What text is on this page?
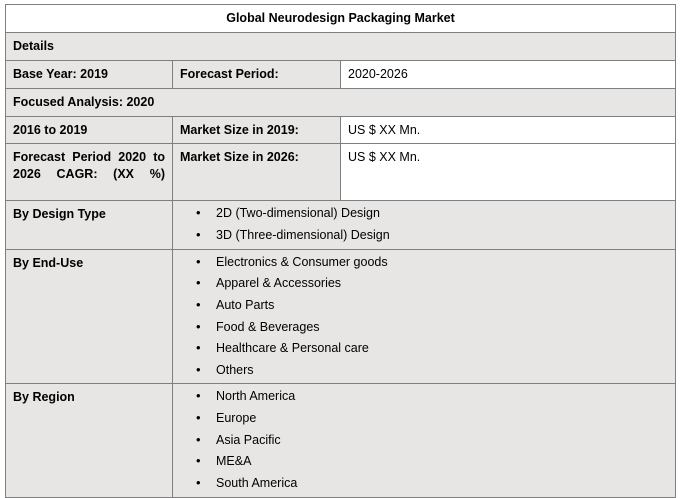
Global Neurodesign Packaging Market		
Details		
Base Year: 2019	Forecast Period:	2020-2026
Focused Analysis: 2020		
2016 to 2019	Market Size in 2019:	US $ XX Mn.
Forecast Period 2020 to 2026 CAGR: (XX %)	Market Size in 2026:	US $ XX Mn.
By Design Type	
•2D (Two-dimensional) Design
• 3D (Three-dimensional) Design

By End-Use	
•Electronics & Consumer goods
• Apparel & Accessories
• Auto Parts
• Food & Beverages
• Healthcare & Personal care
• Others

By Region	
•North America
• Europe
• Asia Pacific
• ME&A
• South America
